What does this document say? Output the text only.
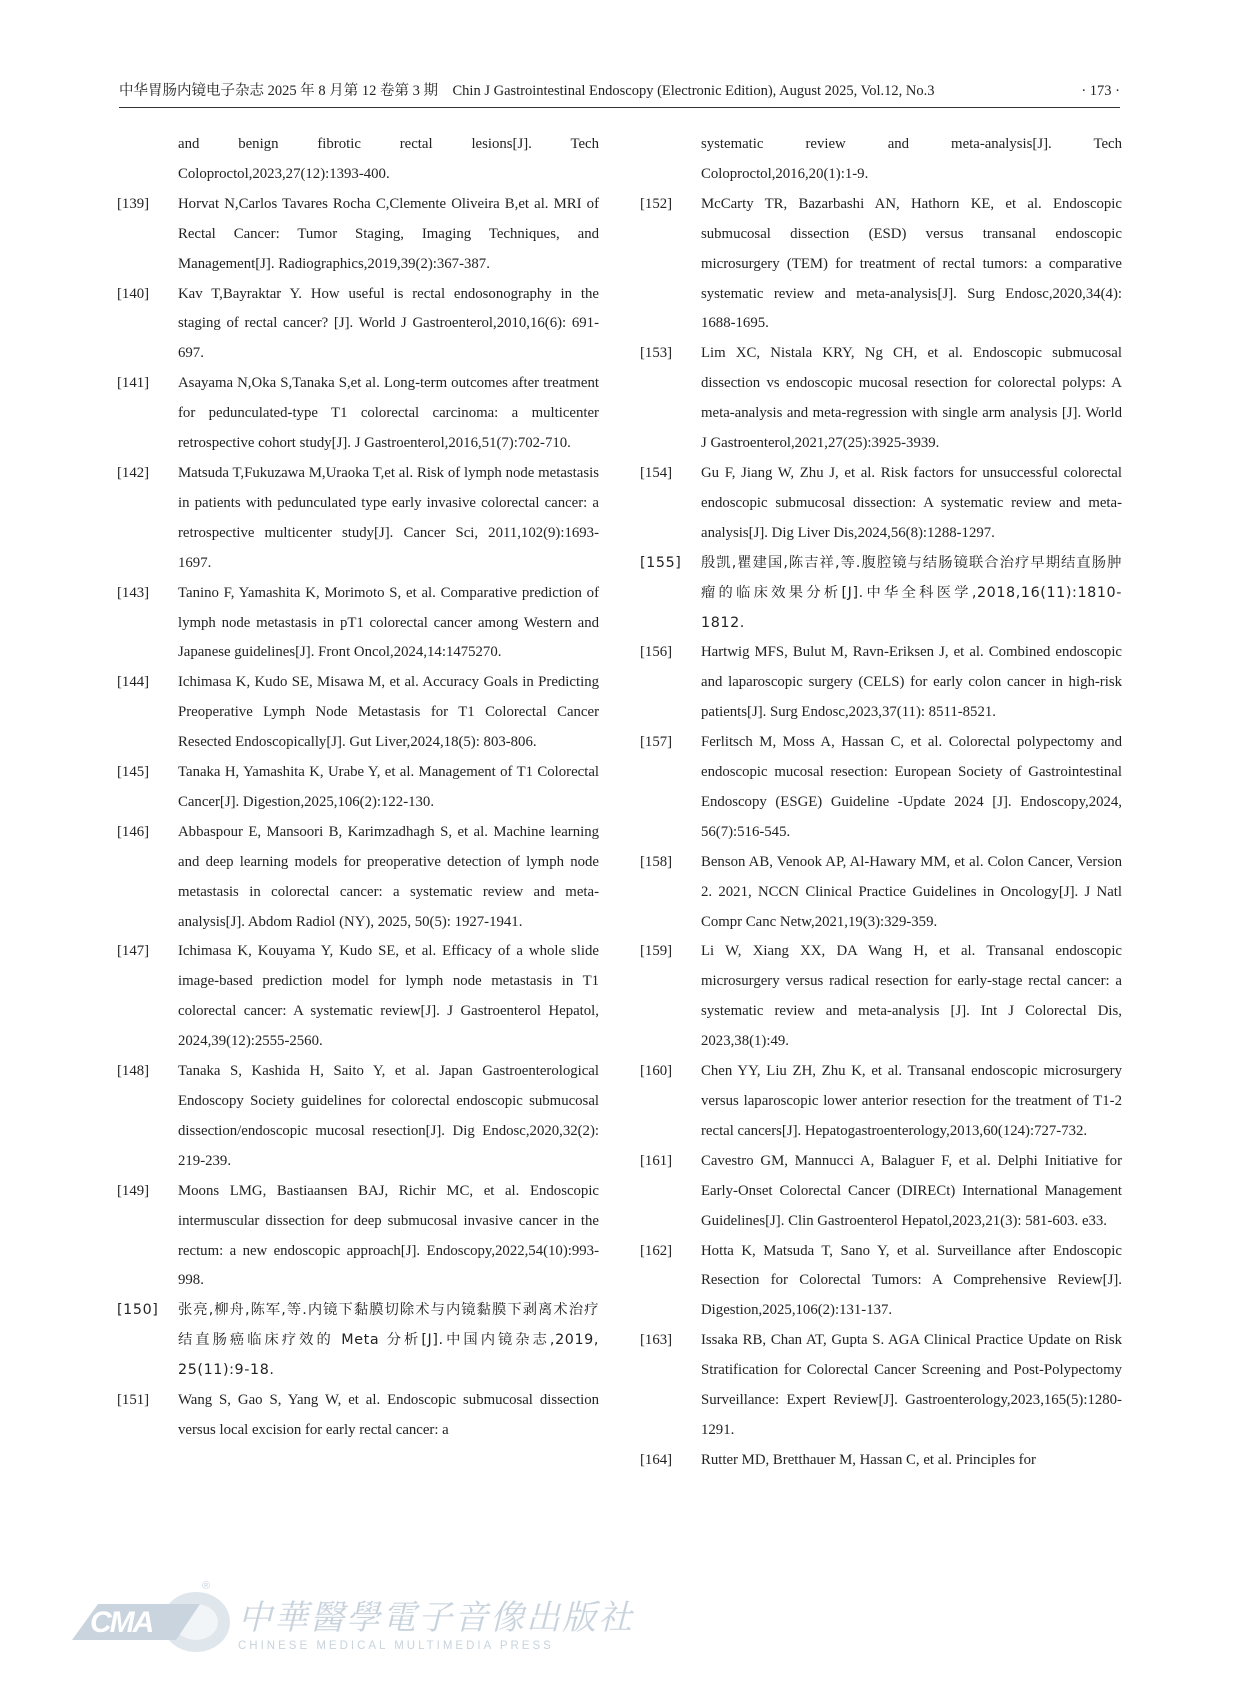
中华胃肠内镜电子杂志 2025 年 8 月第 12 卷第 3 期　Chin J Gastrointestinal Endoscopy (Electronic Edition), August 2025, Vol.12, No.3	· 173 ·
and benign fibrotic rectal lesions[J]. Tech Coloproctol,2023,27(12):1393-400.
[139] Horvat N,Carlos Tavares Rocha C,Clemente Oliveira B,et al. MRI of Rectal Cancer: Tumor Staging, Imaging Techniques, and Management[J]. Radiographics,2019,39(2):367-387.
[140] Kav T,Bayraktar Y. How useful is rectal endosonography in the staging of rectal cancer? [J]. World J Gastroenterol,2010,16(6): 691-697.
[141] Asayama N,Oka S,Tanaka S,et al. Long-term outcomes after treatment for pedunculated-type T1 colorectal carcinoma: a multicenter retrospective cohort study[J]. J Gastroenterol,2016,51(7):702-710.
[142] Matsuda T,Fukuzawa M,Uraoka T,et al. Risk of lymph node metastasis in patients with pedunculated type early invasive colorectal cancer: a retrospective multicenter study[J]. Cancer Sci, 2011,102(9):1693-1697.
[143] Tanino F, Yamashita K, Morimoto S, et al. Comparative prediction of lymph node metastasis in pT1 colorectal cancer among Western and Japanese guidelines[J]. Front Oncol,2024,14:1475270.
[144] Ichimasa K, Kudo SE, Misawa M, et al. Accuracy Goals in Predicting Preoperative Lymph Node Metastasis for T1 Colorectal Cancer Resected Endoscopically[J]. Gut Liver,2024,18(5): 803-806.
[145] Tanaka H, Yamashita K, Urabe Y, et al. Management of T1 Colorectal Cancer[J]. Digestion,2025,106(2):122-130.
[146] Abbaspour E, Mansoori B, Karimzadhagh S, et al. Machine learning and deep learning models for preoperative detection of lymph node metastasis in colorectal cancer: a systematic review and meta-analysis[J]. Abdom Radiol (NY), 2025, 50(5): 1927-1941.
[147] Ichimasa K, Kouyama Y, Kudo SE, et al. Efficacy of a whole slide image-based prediction model for lymph node metastasis in T1 colorectal cancer: A systematic review[J]. J Gastroenterol Hepatol, 2024,39(12):2555-2560.
[148] Tanaka S, Kashida H, Saito Y, et al. Japan Gastroenterological Endoscopy Society guidelines for colorectal endoscopic submucosal dissection/endoscopic mucosal resection[J]. Dig Endosc,2020,32(2): 219-239.
[149] Moons LMG, Bastiaansen BAJ, Richir MC, et al. Endoscopic intermuscular dissection for deep submucosal invasive cancer in the rectum: a new endoscopic approach[J]. Endoscopy,2022,54(10):993-998.
[150] 张亮,柳舟,陈军,等.内镜下黏膜切除术与内镜黏膜下剥离术治疗结直肠癌临床疗效的 Meta 分析[J].中国内镜杂志,2019, 25(11):9-18.
[151] Wang S, Gao S, Yang W, et al. Endoscopic submucosal dissection versus local excision for early rectal cancer: a
systematic review and meta-analysis[J]. Tech Coloproctol,2016,20(1):1-9.
[152] McCarty TR, Bazarbashi AN, Hathorn KE, et al. Endoscopic submucosal dissection (ESD) versus transanal endoscopic microsurgery (TEM) for treatment of rectal tumors: a comparative systematic review and meta-analysis[J]. Surg Endosc,2020,34(4): 1688-1695.
[153] Lim XC, Nistala KRY, Ng CH, et al. Endoscopic submucosal dissection vs endoscopic mucosal resection for colorectal polyps: A meta-analysis and meta-regression with single arm analysis [J]. World J Gastroenterol,2021,27(25):3925-3939.
[154] Gu F, Jiang W, Zhu J, et al. Risk factors for unsuccessful colorectal endoscopic submucosal dissection: A systematic review and meta-analysis[J]. Dig Liver Dis,2024,56(8):1288-1297.
[155] 殷凯,瞿建国,陈吉祥,等.腹腔镜与结肠镜联合治疗早期结直肠肿瘤的临床效果分析[J].中华全科医学,2018,16(11):1810-1812.
[156] Hartwig MFS, Bulut M, Ravn-Eriksen J, et al. Combined endoscopic and laparoscopic surgery (CELS) for early colon cancer in high-risk patients[J]. Surg Endosc,2023,37(11): 8511-8521.
[157] Ferlitsch M, Moss A, Hassan C, et al. Colorectal polypectomy and endoscopic mucosal resection: European Society of Gastrointestinal Endoscopy (ESGE) Guideline -Update 2024 [J]. Endoscopy,2024, 56(7):516-545.
[158] Benson AB, Venook AP, Al-Hawary MM, et al. Colon Cancer, Version 2. 2021, NCCN Clinical Practice Guidelines in Oncology[J]. J Natl Compr Canc Netw,2021,19(3):329-359.
[159] Li W, Xiang XX, DA Wang H, et al. Transanal endoscopic microsurgery versus radical resection for early-stage rectal cancer: a systematic review and meta-analysis [J]. Int J Colorectal Dis, 2023,38(1):49.
[160] Chen YY, Liu ZH, Zhu K, et al. Transanal endoscopic microsurgery versus laparoscopic lower anterior resection for the treatment of T1-2 rectal cancers[J]. Hepatogastroenterology,2013,60(124):727-732.
[161] Cavestro GM, Mannucci A, Balaguer F, et al. Delphi Initiative for Early-Onset Colorectal Cancer (DIRECt) International Management Guidelines[J]. Clin Gastroenterol Hepatol,2023,21(3): 581-603. e33.
[162] Hotta K, Matsuda T, Sano Y, et al. Surveillance after Endoscopic Resection for Colorectal Tumors: A Comprehensive Review[J]. Digestion,2025,106(2):131-137.
[163] Issaka RB, Chan AT, Gupta S. AGA Clinical Practice Update on Risk Stratification for Colorectal Cancer Screening and Post-Polypectomy Surveillance: Expert Review[J]. Gastroenterology,2023,165(5):1280-1291.
[164] Rutter MD, Bretthauer M, Hassan C, et al. Principles for
CMA
®
中華醫學電子音像出版社
CHINESE MEDICAL MULTIMEDIA PRESS
